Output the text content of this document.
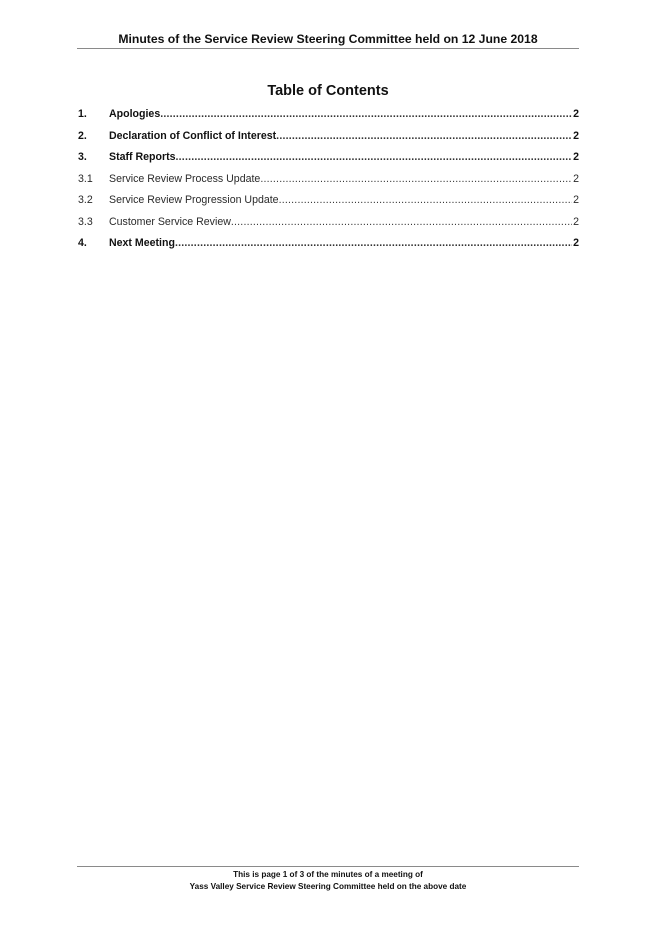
Minutes of the Service Review Steering Committee held on 12 June 2018
Table of Contents
1. Apologies .....	2
2. Declaration of Conflict of Interest .....	2
3. Staff Reports .....	2
3.1 Service Review Process Update .....	2
3.2 Service Review Progression Update .....	2
3.3 Customer Service Review .....	2
4. Next Meeting .....	2
This is page 1 of 3 of the minutes of a meeting of
Yass Valley Service Review Steering Committee held on the above date
